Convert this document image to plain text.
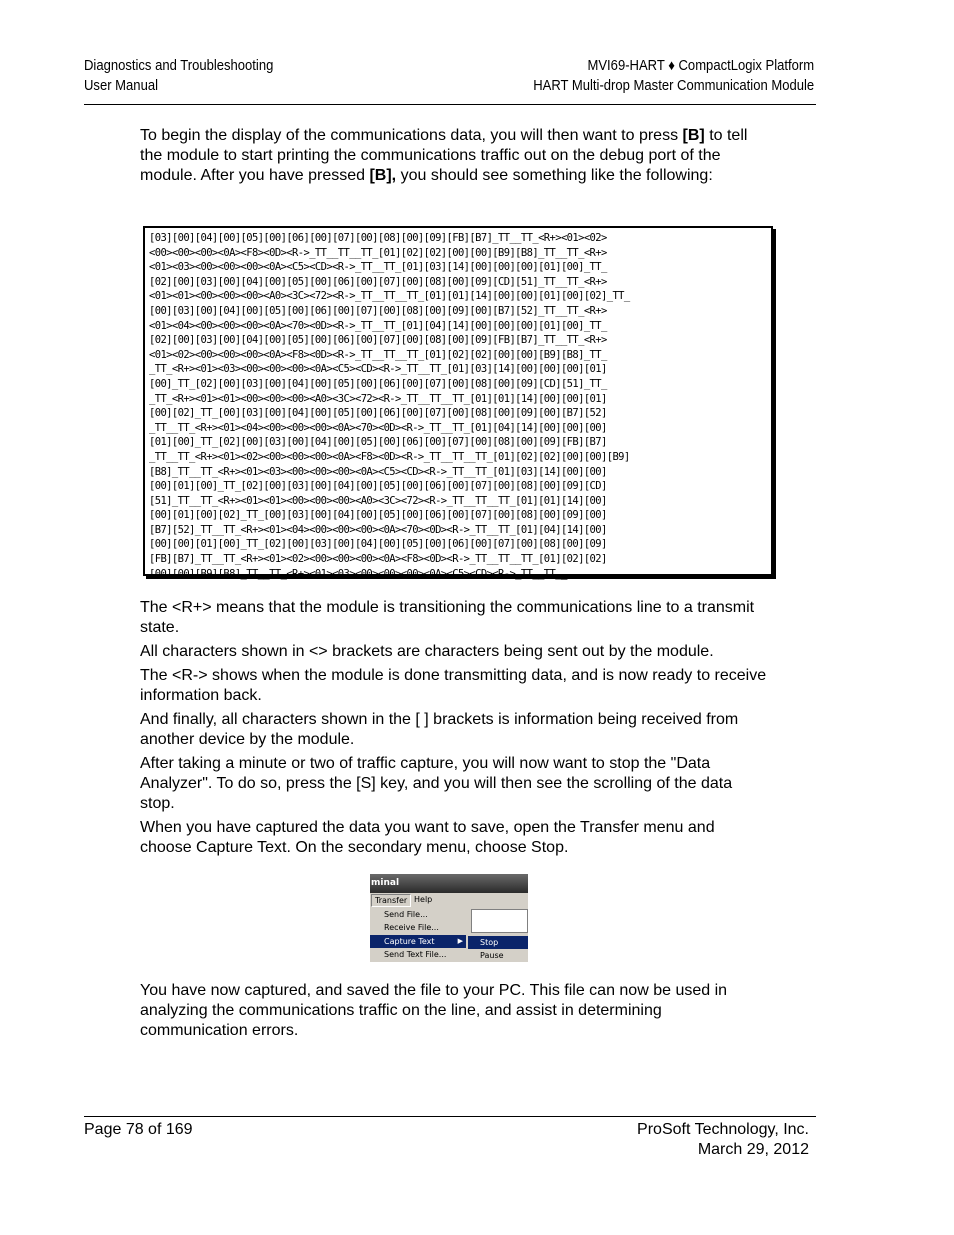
Diagnostics and Troubleshooting
User Manual
MVI69-HART ♦ CompactLogix Platform
HART Multi-drop Master Communication Module

To begin the display of the communications data, you will then want to press [B] to tell the module to start printing the communications traffic out on the debug port of the module. After you have pressed [B], you should see something like the following:

[03][00][04][00][05][00][06][00][07][00][08][00][09][FB][B7]_TT__TT_<R+><01><02>
<00><00><00><0A><F8><0D><R->_TT__TT__TT_[01][02][02][00][00][B9][B8]_TT__TT_<R+>
<01><03><00><00><00><0A><C5><CD><R->_TT__TT_[01][03][14][00][00][00][01][00]_TT_
[02][00][03][00][04][00][05][00][06][00][07][00][08][00][09][CD][51]_TT__TT_<R+>
<01><01><00><00><00><A0><3C><72><R->_TT__TT__TT_[01][01][14][00][00][01][00][02]_TT_
[00][03][00][04][00][05][00][06][00][07][00][08][00][09][00][B7][52]_TT__TT_<R+>
<01><04><00><00><00><0A><70><0D><R->_TT__TT_[01][04][14][00][00][00][01][00]_TT_
[02][00][03][00][04][00][05][00][06][00][07][00][08][00][09][FB][B7]_TT__TT_<R+>
<01><02><00><00><00><0A><F8><0D><R->_TT__TT__TT_[01][02][02][00][00][B9][B8]_TT_
_TT_<R+><01><03><00><00><00><0A><C5><CD><R->_TT__TT_[01][03][14][00][00][00][01]
[00]_TT_[02][00][03][00][04][00][05][00][06][00][07][00][08][00][09][CD][51]_TT_
_TT_<R+><01><01><00><00><00><A0><3C><72><R->_TT__TT__TT_[01][01][14][00][00][01]
[00][02]_TT_[00][03][00][04][00][05][00][06][00][07][00][08][00][09][00][B7][52]
_TT__TT_<R+><01><04><00><00><00><0A><70><0D><R->_TT__TT_[01][04][14][00][00][00]
[01][00]_TT_[02][00][03][00][04][00][05][00][06][00][07][00][08][00][09][FB][B7]
_TT__TT_<R+><01><02><00><00><00><0A><F8><0D><R->_TT__TT__TT_[01][02][02][00][00][B9]
[B8]_TT__TT_<R+><01><03><00><00><00><0A><C5><CD><R->_TT__TT_[01][03][14][00][00]
[00][01][00]_TT_[02][00][03][00][04][00][05][00][06][00][07][00][08][00][09][CD]
[51]_TT__TT_<R+><01><01><00><00><00><A0><3C><72><R->_TT__TT__TT_[01][01][14][00]
[00][01][00][02]_TT_[00][03][00][04][00][05][00][06][00][07][00][08][00][09][00]
[B7][52]_TT__TT_<R+><01><04><00><00><00><0A><70><0D><R->_TT__TT_[01][04][14][00]
[00][00][01][00]_TT_[02][00][03][00][04][00][05][00][06][00][07][00][08][00][09]
[FB][B7]_TT__TT_<R+><01><02><00><00><00><0A><F8><0D><R->_TT__TT__TT_[01][02][02]
[00][00][B9][B8]_TT__TT_<R+><01><03><00><00><00><0A><C5><CD><R->_TT__TT_▁

The <R+> means that the module is transitioning the communications line to a transmit state.

All characters shown in <> brackets are characters being sent out by the module.

The <R-> shows when the module is done transmitting data, and is now ready to receive information back.

And finally, all characters shown in the [ ] brackets is information being received from another device by the module.

After taking a minute or two of traffic capture, you will now want to stop the "Data Analyzer". To do so, press the [S] key, and you will then see the scrolling of the data stop.

When you have captured the data you want to save, open the Transfer menu and choose Capture Text. On the secondary menu, choose Stop.

minal
Transfer Help
Send File...
Receive File...
Capture Text	▶
Send Text File...
Stop
Pause

You have now captured, and saved the file to your PC. This file can now be used in analyzing the communications traffic on the line, and assist in determining communication errors.

Page 78 of 169	ProSoft Technology, Inc.
March 29, 2012
